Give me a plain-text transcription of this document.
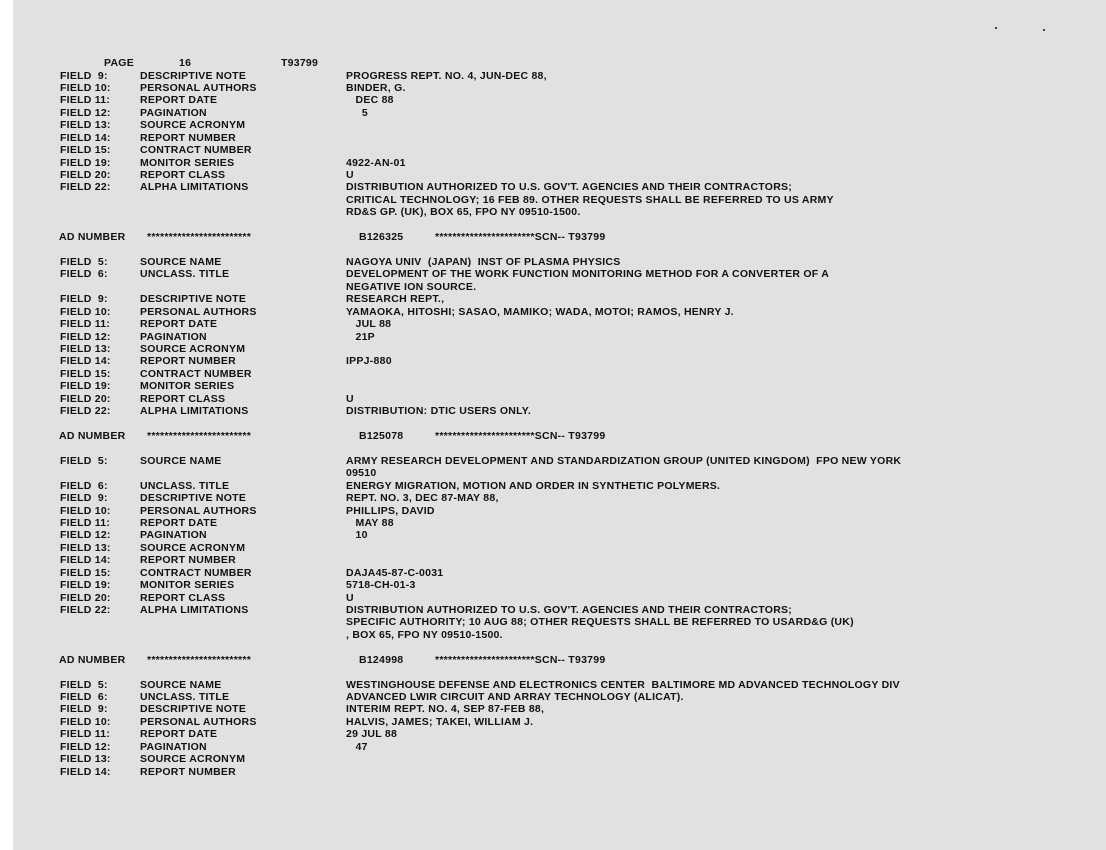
PAGE

	16

	T93799

FIELD  9:	DESCRIPTIVE NOTE	PROGRESS REPT. NO. 4, JUN-DEC 88,
FIELD 10:	PERSONAL AUTHORS	BINDER, G.
FIELD 11:	REPORT DATE	DEC 88
FIELD 12:	PAGINATION	5
FIELD 13:	SOURCE ACRONYM
FIELD 14:	REPORT NUMBER
FIELD 15:	CONTRACT NUMBER
FIELD 19:	MONITOR SERIES	4922-AN-01
FIELD 20:	REPORT CLASS	U
FIELD 22:	ALPHA LIMITATIONS	DISTRIBUTION AUTHORIZED TO U.S. GOV'T. AGENCIES AND THEIR CONTRACTORS;
CRITICAL TECHNOLOGY; 16 FEB 89. OTHER REQUESTS SHALL BE REFERRED TO US ARMY
RD&S GP. (UK), BOX 65, FPO NY 09510-1500.
AD NUMBER ************************	B126325	***********************SCN-- T93799
FIELD  5:	SOURCE NAME	NAGOYA UNIV  (JAPAN)  INST OF PLASMA PHYSICS
FIELD  6:	UNCLASS. TITLE	DEVELOPMENT OF THE WORK FUNCTION MONITORING METHOD FOR A CONVERTER OF A
NEGATIVE ION SOURCE.
FIELD  9:	DESCRIPTIVE NOTE	RESEARCH REPT.,
FIELD 10:	PERSONAL AUTHORS	YAMAOKA, HITOSHI; SASAO, MAMIKO; WADA, MOTOI; RAMOS, HENRY J.
FIELD 11:	REPORT DATE	JUL 88
FIELD 12:	PAGINATION	21P
FIELD 13:	SOURCE ACRONYM
FIELD 14:	REPORT NUMBER	IPPJ-880
FIELD 15:	CONTRACT NUMBER
FIELD 19:	MONITOR SERIES
FIELD 20:	REPORT CLASS	U
FIELD 22:	ALPHA LIMITATIONS	DISTRIBUTION: DTIC USERS ONLY.
AD NUMBER ************************	B125078	***********************SCN-- T93799
FIELD  5:	SOURCE NAME	ARMY RESEARCH DEVELOPMENT AND STANDARDIZATION GROUP (UNITED KINGDOM)  FPO NEW YORK
09510
FIELD  6:	UNCLASS. TITLE	ENERGY MIGRATION, MOTION AND ORDER IN SYNTHETIC POLYMERS.
FIELD  9:	DESCRIPTIVE NOTE	REPT. NO. 3, DEC 87-MAY 88,
FIELD 10:	PERSONAL AUTHORS	PHILLIPS, DAVID
FIELD 11:	REPORT DATE	MAY 88
FIELD 12:	PAGINATION	10
FIELD 13:	SOURCE ACRONYM
FIELD 14:	REPORT NUMBER
FIELD 15:	CONTRACT NUMBER	DAJA45-87-C-0031
FIELD 19:	MONITOR SERIES	5718-CH-01-3
FIELD 20:	REPORT CLASS	U
FIELD 22:	ALPHA LIMITATIONS	DISTRIBUTION AUTHORIZED TO U.S. GOV'T. AGENCIES AND THEIR CONTRACTORS;
SPECIFIC AUTHORITY; 10 AUG 88; OTHER REQUESTS SHALL BE REFERRED TO USARD&G (UK)
, BOX 65, FPO NY 09510-1500.
AD NUMBER ************************	B124998	***********************SCN-- T93799
FIELD  5:	SOURCE NAME	WESTINGHOUSE DEFENSE AND ELECTRONICS CENTER  BALTIMORE MD ADVANCED TECHNOLOGY DIV
FIELD  6:	UNCLASS. TITLE	ADVANCED LWIR CIRCUIT AND ARRAY TECHNOLOGY (ALICAT).
FIELD  9:	DESCRIPTIVE NOTE	INTERIM REPT. NO. 4, SEP 87-FEB 88,
FIELD 10:	PERSONAL AUTHORS	HALVIS, JAMES; TAKEI, WILLIAM J.
FIELD 11:	REPORT DATE	29 JUL 88
FIELD 12:	PAGINATION	47
FIELD 13:	SOURCE ACRONYM
FIELD 14:	REPORT NUMBER
